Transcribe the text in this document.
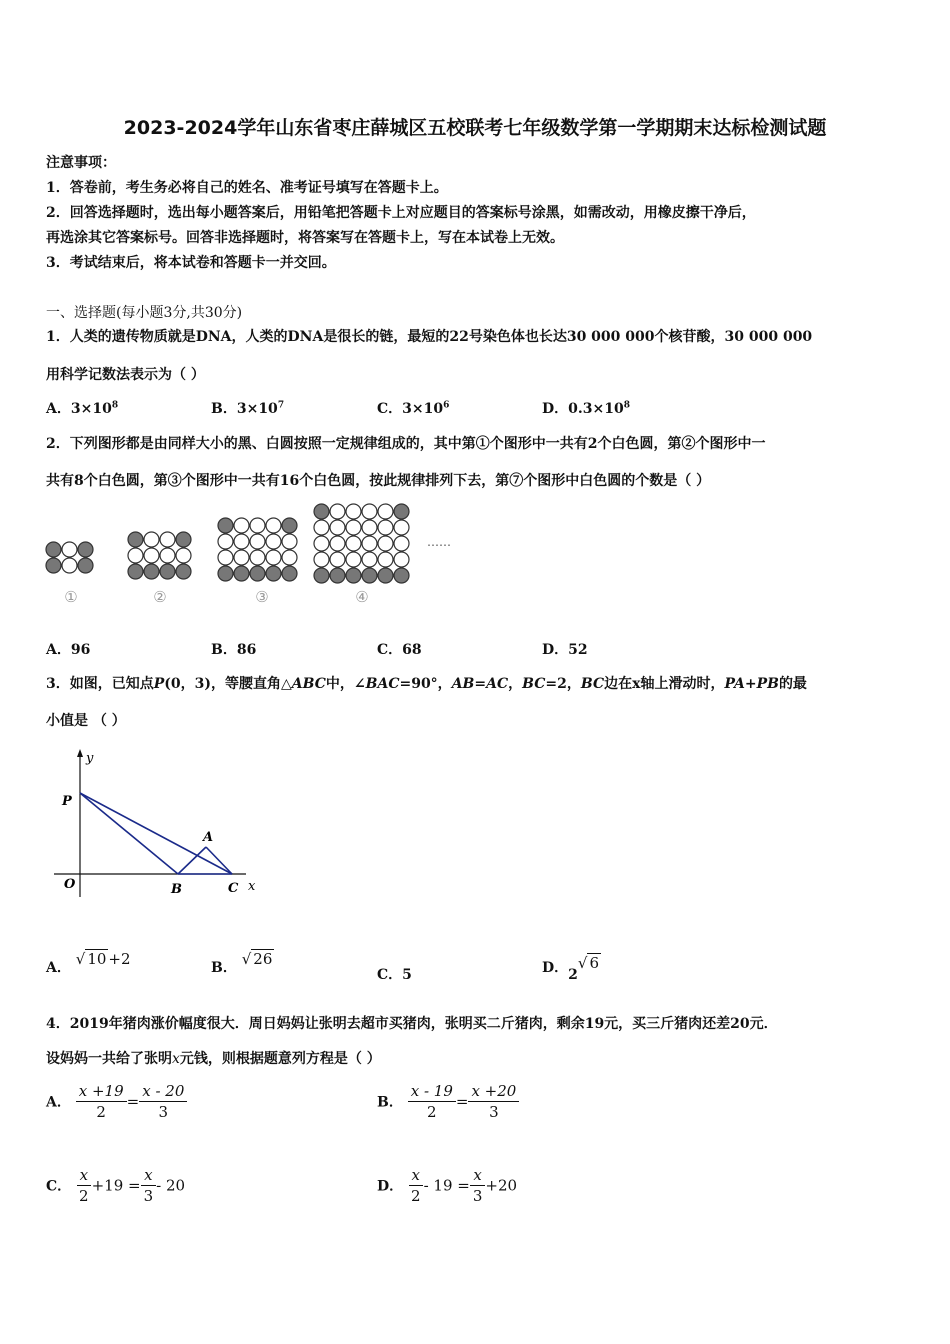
2023-2024学年山东省枣庄薛城区五校联考七年级数学第一学期期末达标检测试题
注意事项：
1．答卷前，考生务必将自己的姓名、准考证号填写在答题卡上。
2．回答选择题时，选出每小题答案后，用铅笔把答题卡上对应题目的答案标号涂黑，如需改动，用橡皮擦干净后，
再选涂其它答案标号。回答非选择题时，将答案写在答题卡上，写在本试卷上无效。
3．考试结束后，将本试卷和答题卡一并交回。
一、选择题(每小题3分,共30分)
1．人类的遗传物质就是DNA，人类的DNA是很长的链，最短的22号染色体也长达30 000 000个核苷酸，30 000 000
用科学记数法表示为（ ）
A．$3\times 10^8$	B．$3\times 10^7$	C．$3\times 10^6$	D．$0.3\times 10^8$
2．下列图形都是由同样大小的黑、白圆按照一定规律组成的，其中第①个图形中一共有2个白色圆，第②个图形中一
共有8个白色圆，第③个图形中一共有16个白色圆，按此规律排列下去，第⑦个图形中白色圆的个数是（ ）
①	②	③	④
……
A．96	B．86	C．68	D．52
3．如图，已知点P(0，3)，等腰直角△ABC中，∠BAC=90°，AB=AC，BC=2，BC边在x轴上滑动时，PA+PB的最
小值是 （ ）
y
P
O
A
B	C x
A． √ 10 +2	B． √ 26
C．5	D．2√ 6
4．2019年猪肉涨价幅度很大．周日妈妈让张明去超市买猪肉，张明买二斤猪肉，剩余19元，买三斤猪肉还差20元．
设妈妈一共给了张明x元钱，则根据题意列方程是（ ）
A． $\frac{x +19}{2} = \frac{x - 20}{3}$	B． $\frac{x - 19}{2} = \frac{x +20}{3}$
C． $\frac{x}{2} +19 = \frac{x}{3} - 20$	D． $\frac{x}{2} - 19 = \frac{x}{3} +20$
